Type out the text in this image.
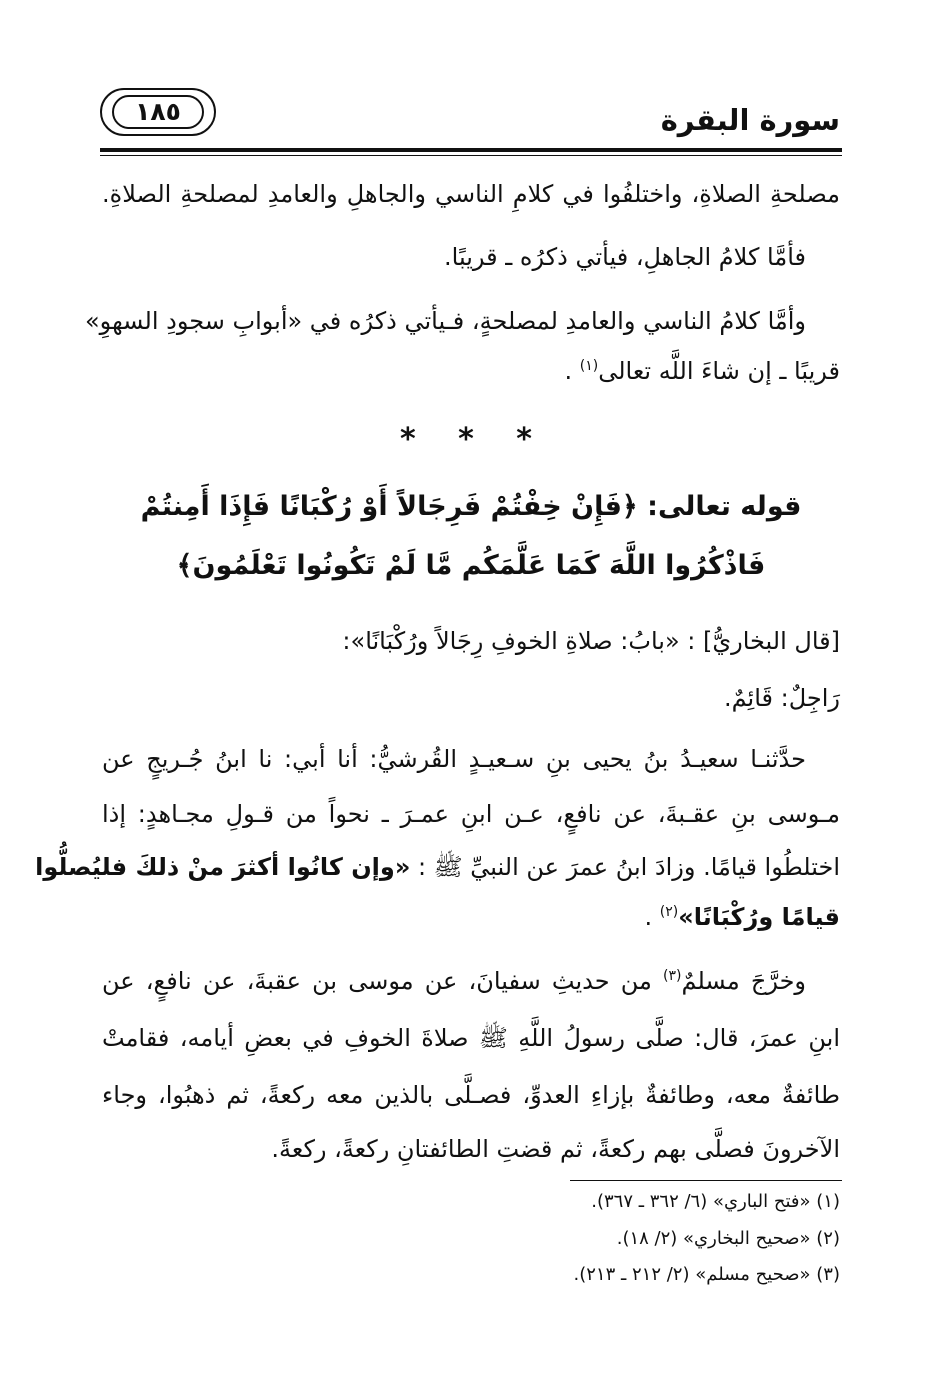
سورة البقرة
١٨٥
مصلحةِ الصلاةِ، واختلفُوا في كلامِ الناسي والجاهلِ والعامدِ لمصلحةِ الصلاةِ.
فأمَّا كلامُ الجاهلِ، فيأتي ذكرُه ـ قريبًا.
وأمَّا كلامُ الناسي والعامدِ لمصلحةٍ، فـيأتي ذكرُه في «أبوابِ سجودِ السهوِ»
قريبًا ـ إن شاءَ اللَّه تعالى$^{(١)}$ .
* * *
قوله تعالى: ﴿فَإِنْ خِفْتُمْ فَرِجَالاً أَوْ رُكْبَانًا فَإِذَا أَمِنتُمْ
فَاذْكُرُوا اللَّهَ كَمَا عَلَّمَكُم مَّا لَمْ تَكُونُوا تَعْلَمُونَ﴾
[قال البخاريُّ] : «بابُ: صلاةِ الخوفِ رِجَالاً ورُكْبَانًا»:
رَاجِلٌ: قَائِمٌ.
حدَّثنـا سعيـدُ بنُ يحيى بنِ سـعيـدٍ القُرشيُّ: أنا أبي: نا ابنُ جُـريجٍ عن
مـوسى بنِ عقـبةَ، عن نافعٍ، عـن ابنِ عمـرَ ـ نحواً من قـولِ مجـاهدٍ: إذا
اختلطُوا قيامًا. وزادَ ابنُ عمرَ عن النبيِّ ﷺ : «وإن كانُوا أكثرَ منْ ذلكَ فليُصلُّوا
قيامًا ورُكْبَانًا»$^{(٢)}$ .
وخرَّجَ مسلمٌ$^{(٣)}$ من حديثِ سفيانَ، عن موسى بن عقبةَ، عن نافعٍ، عن
ابنِ عمرَ، قال: صلَّى رسولُ اللَّهِ ﷺ صلاةَ الخوفِ في بعضِ أيامه، فقامتْ
طائفةٌ معه، وطائفةٌ بإزاءِ العدوِّ، فصـلَّى بالذين معه ركعةً، ثم ذهبُوا، وجاء
الآخرونَ فصلَّى بهم ركعةً، ثم قضتِ الطائفتانِ ركعةً، ركعةً.
(١) «فتح الباري» (٦/ ٣٦٢ ـ ٣٦٧).
(٢) «صحيح البخاري» (٢/ ١٨).
(٣) «صحيح مسلم» (٢/ ٢١٢ ـ ٢١٣).
